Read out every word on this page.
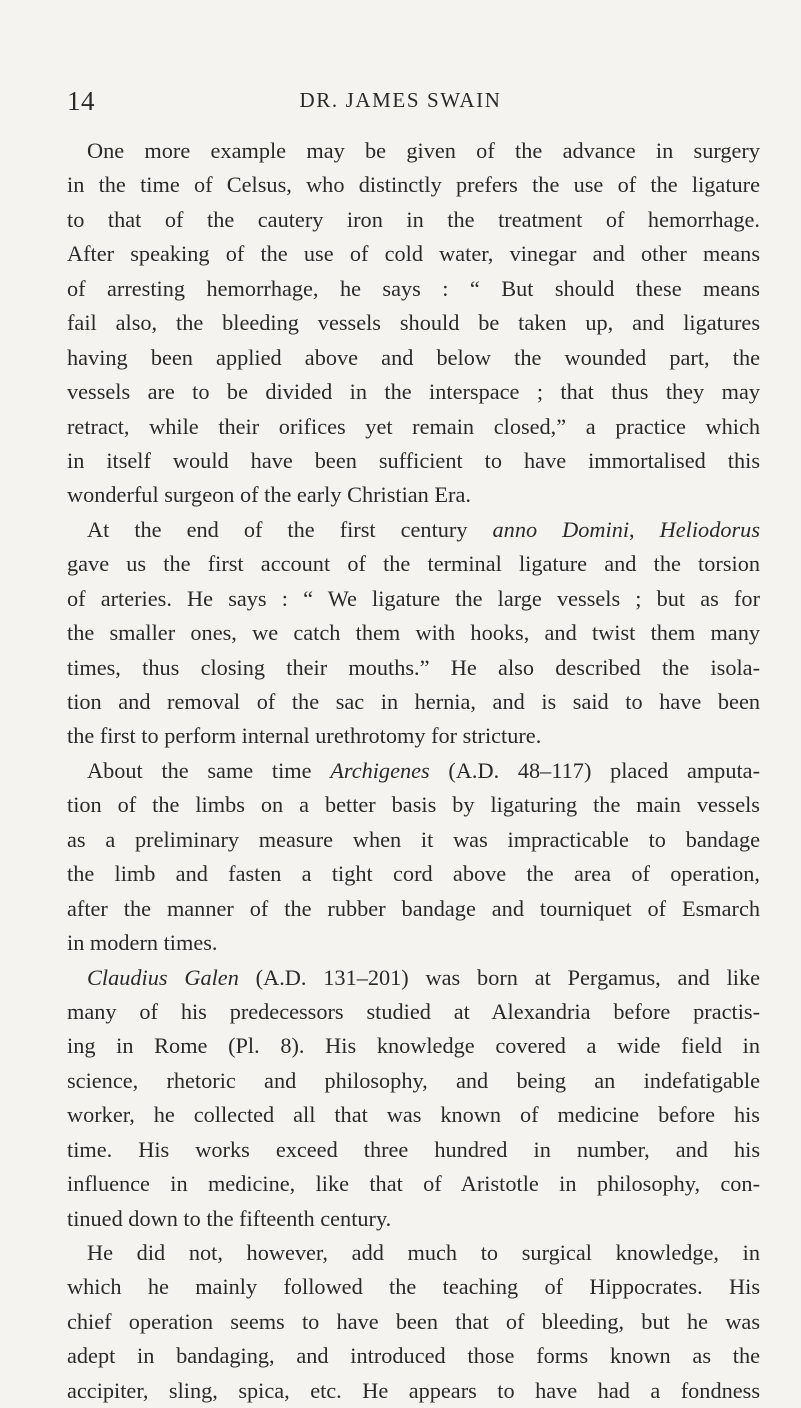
14	DR. JAMES SWAIN
One more example may be given of the advance in surgery
in the time of Celsus, who distinctly prefers the use of the ligature
to that of the cautery iron in the treatment of hemorrhage.
After speaking of the use of cold water, vinegar and other means
of arresting hemorrhage, he says : “ But should these means
fail also, the bleeding vessels should be taken up, and ligatures
having been applied above and below the wounded part, the
vessels are to be divided in the interspace ; that thus they may
retract, while their orifices yet remain closed,” a practice which
in itself would have been sufficient to have immortalised this
wonderful surgeon of the early Christian Era.
At the end of the first century anno Domini, Heliodorus
gave us the first account of the terminal ligature and the torsion
of arteries. He says : “ We ligature the large vessels ; but as for
the smaller ones, we catch them with hooks, and twist them many
times, thus closing their mouths.” He also described the isola-
tion and removal of the sac in hernia, and is said to have been
the first to perform internal urethrotomy for stricture.
About the same time Archigenes (A.D. 48–117) placed amputa-
tion of the limbs on a better basis by ligaturing the main vessels
as a preliminary measure when it was impracticable to bandage
the limb and fasten a tight cord above the area of operation,
after the manner of the rubber bandage and tourniquet of Esmarch
in modern times.
Claudius Galen (A.D. 131–201) was born at Pergamus, and like
many of his predecessors studied at Alexandria before practis-
ing in Rome (Pl. 8). His knowledge covered a wide field in
science, rhetoric and philosophy, and being an indefatigable
worker, he collected all that was known of medicine before his
time. His works exceed three hundred in number, and his
influence in medicine, like that of Aristotle in philosophy, con-
tinued down to the fifteenth century.
He did not, however, add much to surgical knowledge, in
which he mainly followed the teaching of Hippocrates. His
chief operation seems to have been that of bleeding, but he was
adept in bandaging, and introduced those forms known as the
accipiter, sling, spica, etc. He appears to have had a fondness
